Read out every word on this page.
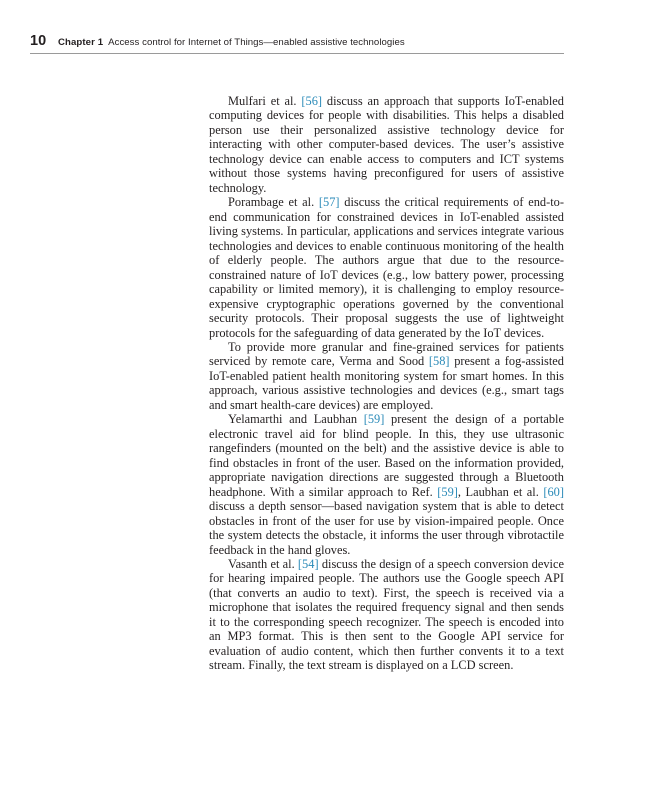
10	Chapter 1 Access control for Internet of Things—enabled assistive technologies

Mulfari et al. [56] discuss an approach that supports IoT-enabled computing devices for people with disabilities. This helps a disabled person use their personalized assistive technology device for interacting with other computer-based devices. The user’s assistive technology device can enable access to computers and ICT systems without those systems having preconfigured for users of assistive technology.

Porambage et al. [57] discuss the critical requirements of end-to-end communication for constrained devices in IoT-enabled assisted living systems. In particular, applications and services integrate various technologies and devices to enable continuous monitoring of the health of elderly people. The authors argue that due to the resource-constrained nature of IoT devices (e.g., low battery power, processing capability or limited memory), it is challenging to employ resource-expensive cryptographic operations governed by the conventional security protocols. Their proposal suggests the use of lightweight protocols for the safeguarding of data generated by the IoT devices.

To provide more granular and fine-grained services for patients serviced by remote care, Verma and Sood [58] present a fog-assisted IoT-enabled patient health monitoring system for smart homes. In this approach, various assistive technologies and devices (e.g., smart tags and smart health-care devices) are employed.

Yelamarthi and Laubhan [59] present the design of a portable electronic travel aid for blind people. In this, they use ultrasonic rangefinders (mounted on the belt) and the assistive device is able to find obstacles in front of the user. Based on the information provided, appropriate navigation directions are suggested through a Bluetooth headphone. With a similar approach to Ref. [59], Laubhan et al. [60] discuss a depth sensor—based navigation system that is able to detect obstacles in front of the user for use by vision-impaired people. Once the system detects the obstacle, it informs the user through vibrotactile feedback in the hand gloves.

Vasanth et al. [54] discuss the design of a speech conversion device for hearing impaired people. The authors use the Google speech API (that converts an audio to text). First, the speech is received via a microphone that isolates the required frequency signal and then sends it to the corresponding speech recognizer. The speech is encoded into an MP3 format. This is then sent to the Google API service for evaluation of audio content, which then further convents it to a text stream. Finally, the text stream is displayed on a LCD screen.
